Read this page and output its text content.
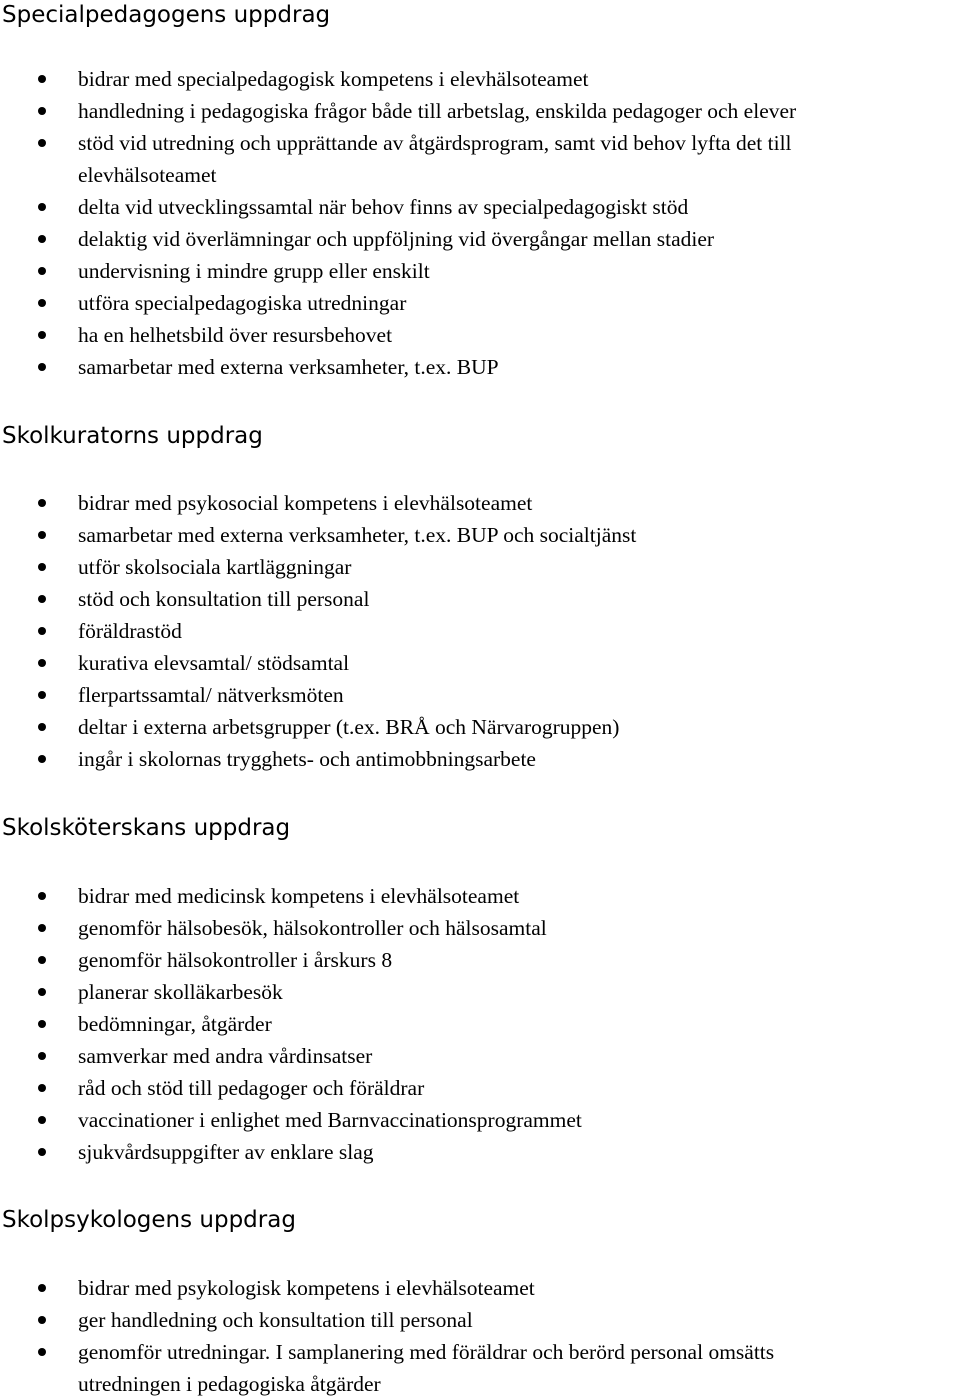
Specialpedagogens uppdrag
bidrar med specialpedagogisk kompetens i elevhälsoteamet
handledning i pedagogiska frågor både till arbetslag, enskilda pedagoger och elever
stöd vid utredning och upprättande av åtgärdsprogram, samt vid behov lyfta det till
elevhälsoteamet
delta vid utvecklingssamtal när behov finns av specialpedagogiskt stöd
delaktig vid överlämningar och uppföljning vid övergångar mellan stadier
undervisning i mindre grupp eller enskilt
utföra specialpedagogiska utredningar
ha en helhetsbild över resursbehovet
samarbetar med externa verksamheter, t.ex. BUP
Skolkuratorns uppdrag
bidrar med psykosocial kompetens i elevhälsoteamet
samarbetar med externa verksamheter, t.ex. BUP och socialtjänst
utför skolsociala kartläggningar
stöd och konsultation till personal
föräldrastöd
kurativa elevsamtal/ stödsamtal
flerpartssamtal/ nätverksmöten
deltar i externa arbetsgrupper (t.ex. BRÅ och Närvarogruppen)
ingår i skolornas trygghets- och antimobbningsarbete
Skolsköterskans uppdrag
bidrar med medicinsk kompetens i elevhälsoteamet
genomför hälsobesök, hälsokontroller och hälsosamtal
genomför hälsokontroller i årskurs 8
planerar skolläkarbesök
bedömningar, åtgärder
samverkar med andra vårdinsatser
råd och stöd till pedagoger och föräldrar
vaccinationer i enlighet med Barnvaccinationsprogrammet
sjukvårdsuppgifter av enklare slag
Skolpsykologens uppdrag
bidrar med psykologisk kompetens i elevhälsoteamet
ger handledning och konsultation till personal
genomför utredningar. I samplanering med föräldrar och berörd personal omsätts
utredningen i pedagogiska åtgärder
